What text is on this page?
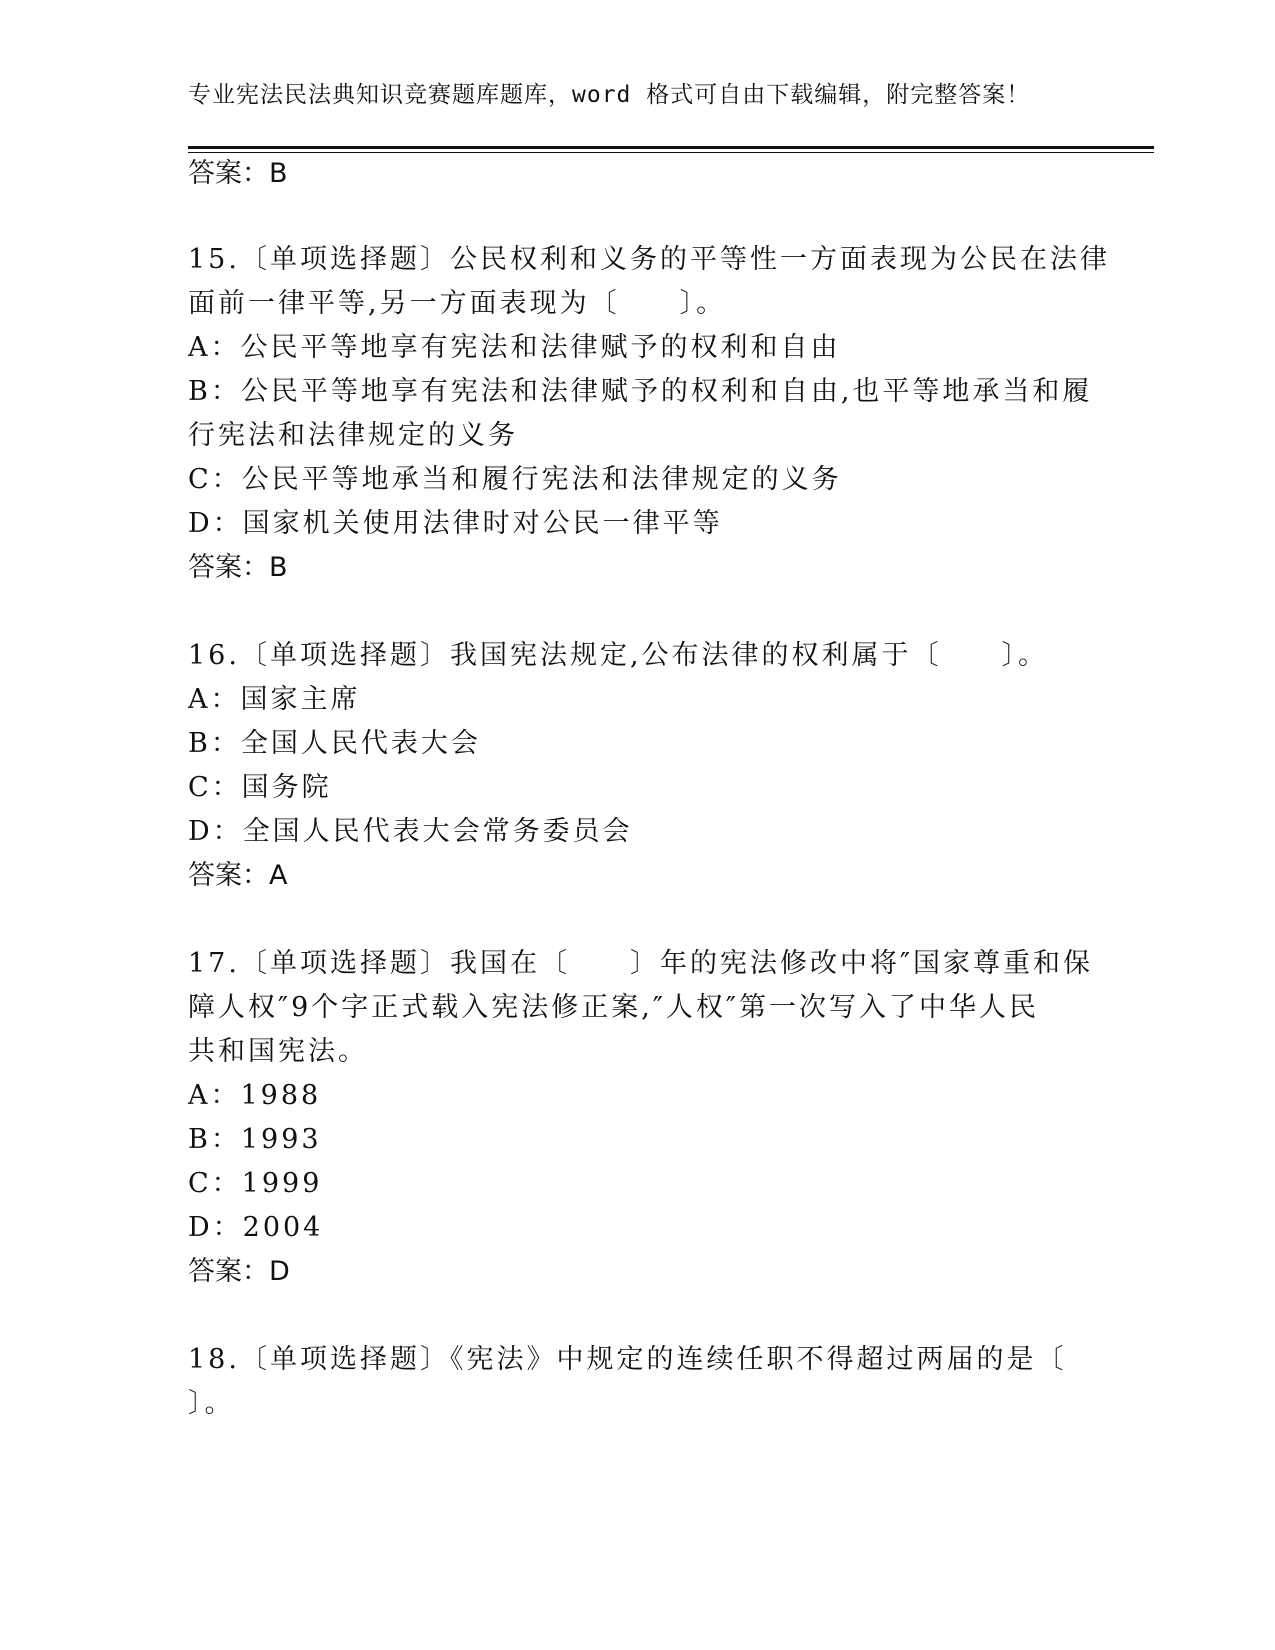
专业宪法民法典知识竞赛题库题库，word 格式可自由下载编辑，附完整答案！
答案：B
15.〔单项选择题〕公民权利和义务的平等性一方面表现为公民在法律
面前一律平等,另一方面表现为〔　　〕。
A：公民平等地享有宪法和法律赋予的权利和自由
B：公民平等地享有宪法和法律赋予的权利和自由,也平等地承当和履
行宪法和法律规定的义务
C：公民平等地承当和履行宪法和法律规定的义务
D：国家机关使用法律时对公民一律平等
答案：B
16.〔单项选择题〕我国宪法规定,公布法律的权利属于〔　　〕。
A：国家主席
B：全国人民代表大会
C：国务院
D：全国人民代表大会常务委员会
答案：A
17.〔单项选择题〕我国在〔　　〕年的宪法修改中将″国家尊重和保
障人权″9个字正式载入宪法修正案,″人权″第一次写入了中华人民
共和国宪法。
A：1988
B：1993
C：1999
D：2004
答案：D
18.〔单项选择题〕《宪法》中规定的连续任职不得超过两届的是〔
〕。
